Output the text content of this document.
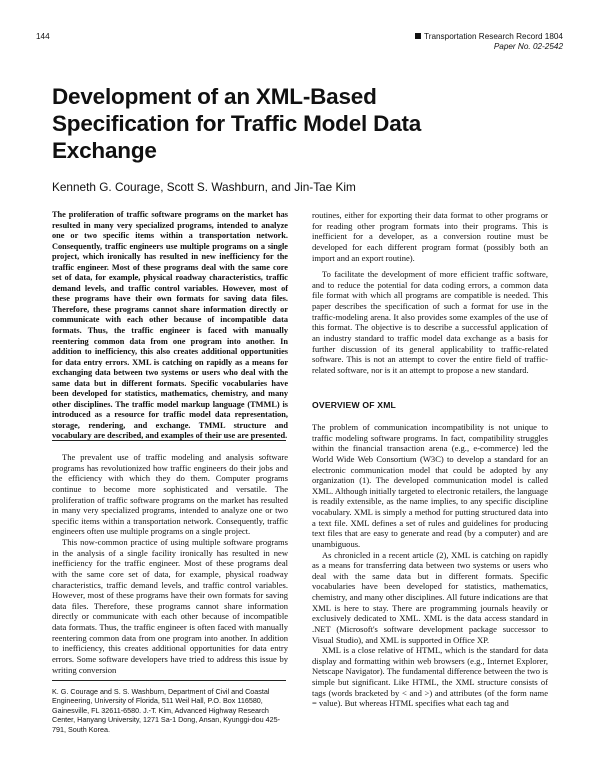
144	Transportation Research Record 1804
Paper No. 02-2542
Development of an XML-Based Specification for Traffic Model Data Exchange
Kenneth G. Courage, Scott S. Washburn, and Jin-Tae Kim

The proliferation of traffic software programs on the market has resulted in many very specialized programs, intended to analyze one or two specific items within a transportation network. Consequently, traffic engineers use multiple programs on a single project, which ironically has resulted in new inefficiency for the traffic engineer. Most of these programs deal with the same core set of data, for example, physical roadway characteristics, traffic demand levels, and traffic control variables. However, most of these programs have their own formats for saving data files. Therefore, these programs cannot share information directly or communicate with each other because of incompatible data formats. Thus, the traffic engineer is faced with manually reentering common data from one program into another. In addition to inefficiency, this also creates additional opportunities for data entry errors. XML is catching on rapidly as a means for exchanging data between two systems or users who deal with the same data but in different formats. Specific vocabularies have been developed for statistics, mathematics, chemistry, and many other disciplines. The traffic model markup language (TMML) is introduced as a resource for traffic model data representation, storage, rendering, and exchange. TMML structure and vocabulary are described, and examples of their use are presented.

The prevalent use of traffic modeling and analysis software programs has revolutionized how traffic engineers do their jobs and the efficiency with which they do them. Computer programs continue to become more sophisticated and versatile. The proliferation of traffic software programs on the market has resulted in many very specialized programs, intended to analyze one or two specific items within a transportation network. Consequently, traffic engineers often use multiple programs on a single project.

This now-common practice of using multiple software programs in the analysis of a single facility ironically has resulted in new inefficiency for the traffic engineer. Most of these programs deal with the same core set of data, for example, physical roadway characteristics, traffic demand levels, and traffic control variables. However, most of these programs have their own formats for saving data files. Therefore, these programs cannot share information directly or communicate with each other because of incompatible data formats. Thus, the traffic engineer is often faced with manually reentering common data from one program into another. In addition to inefficiency, this creates additional opportunities for data entry errors. Some software developers have tried to address this issue by writing conversion

K. G. Courage and S. S. Washburn, Department of Civil and Coastal Engineering, University of Florida, 511 Weil Hall, P.O. Box 116580, Gainesville, FL 32611-6580. J.-T. Kim, Advanced Highway Research Center, Hanyang University, 1271 Sa-1 Dong, Ansan, Kyunggi-dou 425-791, South Korea.

routines, either for exporting their data format to other programs or for reading other program formats into their programs. This is inefficient for a developer, as a conversion routine must be developed for each different program format (possibly both an import and an export routine).

To facilitate the development of more efficient traffic software, and to reduce the potential for data coding errors, a common data file format with which all programs are compatible is needed. This paper describes the specification of such a format for use in the traffic-modeling arena. It also provides some examples of the use of this format. The objective is to describe a successful application of an industry standard to traffic model data exchange as a basis for further discussion of its general applicability to traffic-related software. This is not an attempt to cover the entire field of traffic-related software, nor is it an attempt to propose a new standard.

OVERVIEW OF XML

The problem of communication incompatibility is not unique to traffic modeling software programs. In fact, compatibility struggles within the financial transaction arena (e.g., e-commerce) led the World Wide Web Consortium (W3C) to develop a standard for an electronic communication model that could be adopted by any organization (1). The developed communication model is called XML. Although initially targeted to electronic retailers, the language is readily extensible, as the name implies, to any specific discipline vocabulary. XML is simply a method for putting structured data into a text file. XML defines a set of rules and guidelines for producing text files that are easy to generate and read (by a computer) and are unambiguous.

As chronicled in a recent article (2), XML is catching on rapidly as a means for transferring data between two systems or users who deal with the same data but in different formats. Specific vocabularies have been developed for statistics, mathematics, chemistry, and many other disciplines. All future indications are that XML is here to stay. There are programming journals heavily or exclusively dedicated to XML. XML is the data access standard in .NET (Microsoft's software development package successor to Visual Studio), and XML is supported in Office XP.

XML is a close relative of HTML, which is the standard for data display and formatting within web browsers (e.g., Internet Explorer, Netscape Navigator). The fundamental difference between the two is simple but significant. Like HTML, the XML structure consists of tags (words bracketed by < and >) and attributes (of the form name = value). But whereas HTML specifies what each tag and
